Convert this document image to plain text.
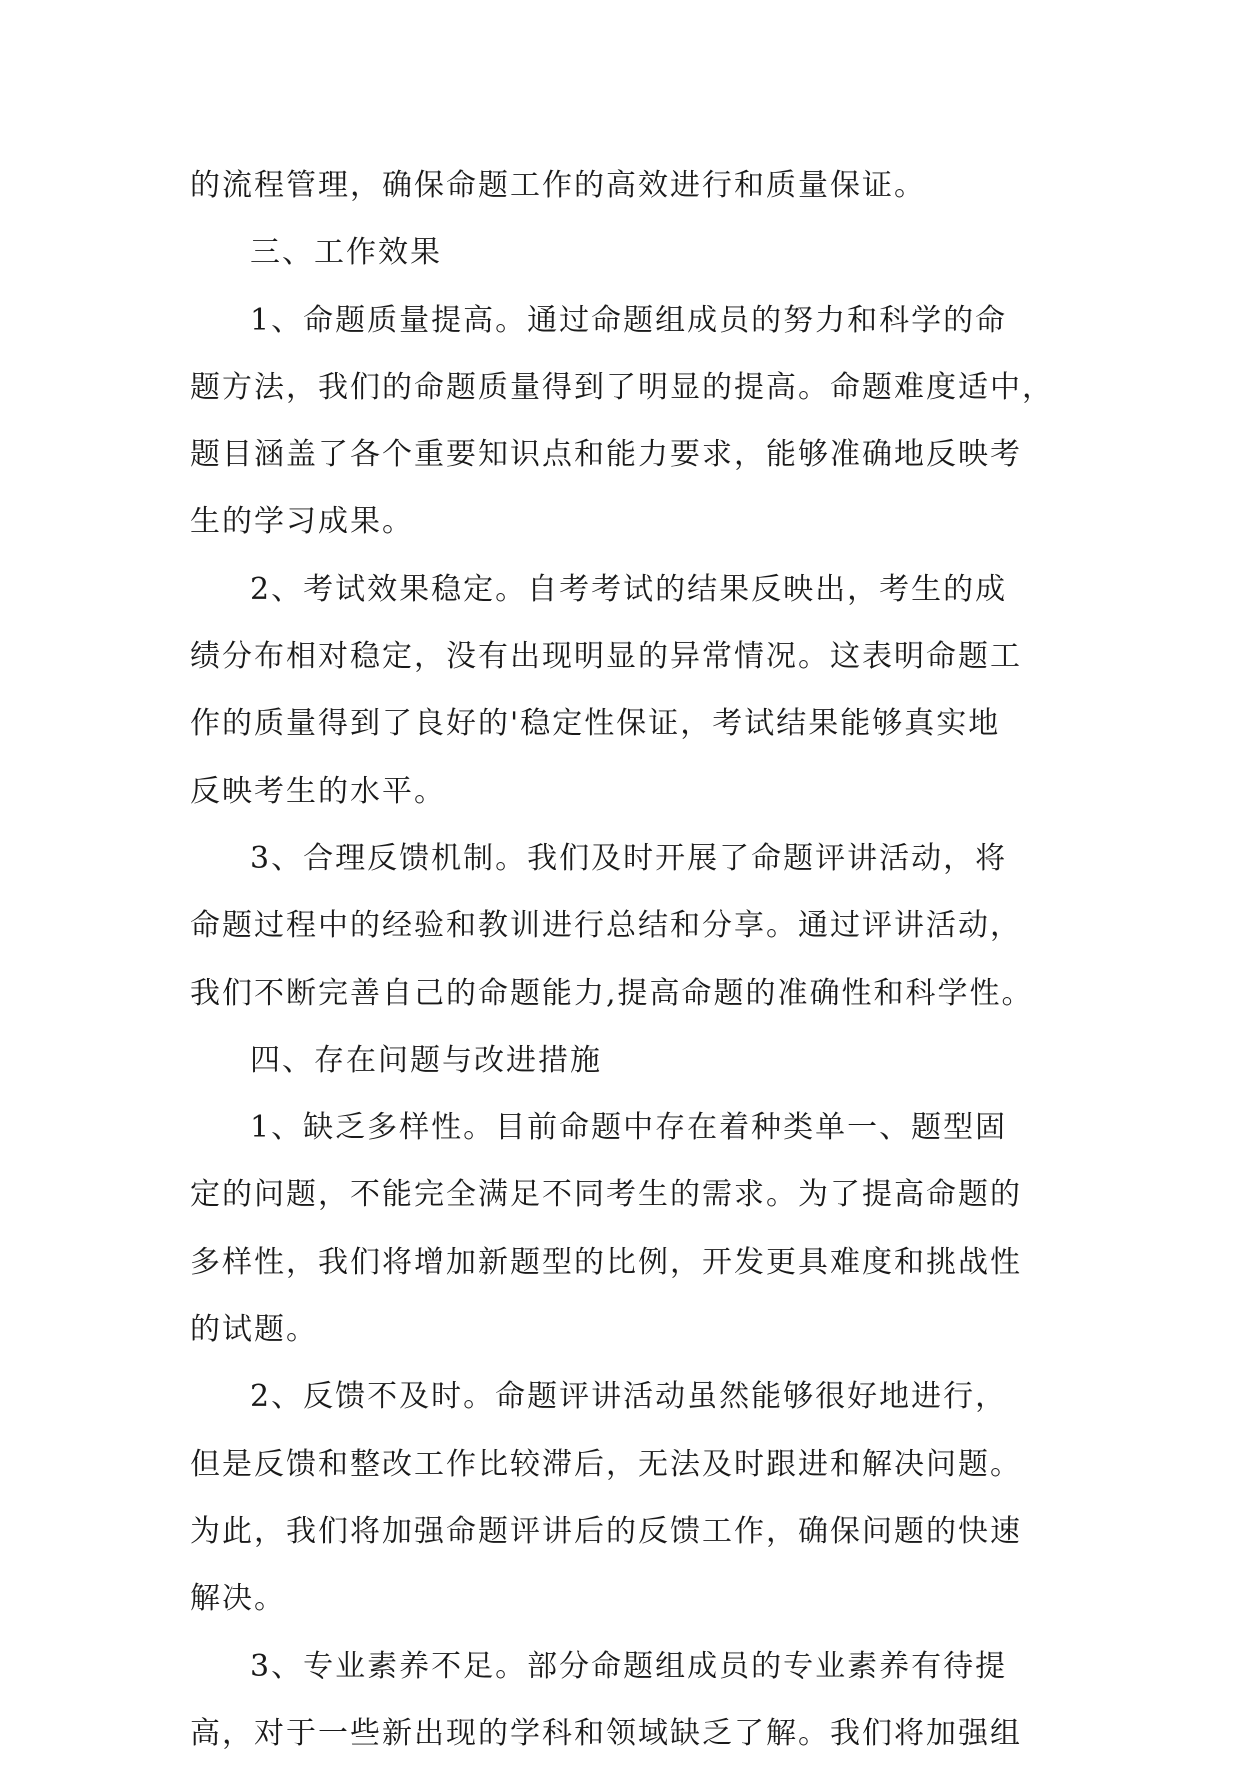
的流程管理，确保命题工作的高效进行和质量保证。
三、工作效果
1、命题质量提高。通过命题组成员的努力和科学的命
题方法，我们的命题质量得到了明显的提高。命题难度适中，
题目涵盖了各个重要知识点和能力要求，能够准确地反映考
生的学习成果。
2、考试效果稳定。自考考试的结果反映出，考生的成
绩分布相对稳定，没有出现明显的异常情况。这表明命题工
作的质量得到了良好的'稳定性保证，考试结果能够真实地
反映考生的水平。
3、合理反馈机制。我们及时开展了命题评讲活动，将
命题过程中的经验和教训进行总结和分享。通过评讲活动，
我们不断完善自己的命题能力,提高命题的准确性和科学性。
四、存在问题与改进措施
1、缺乏多样性。目前命题中存在着种类单一、题型固
定的问题，不能完全满足不同考生的需求。为了提高命题的
多样性，我们将增加新题型的比例，开发更具难度和挑战性
的试题。
2、反馈不及时。命题评讲活动虽然能够很好地进行，
但是反馈和整改工作比较滞后，无法及时跟进和解决问题。
为此，我们将加强命题评讲后的反馈工作，确保问题的快速
解决。
3、专业素养不足。部分命题组成员的专业素养有待提
高，对于一些新出现的学科和领域缺乏了解。我们将加强组
